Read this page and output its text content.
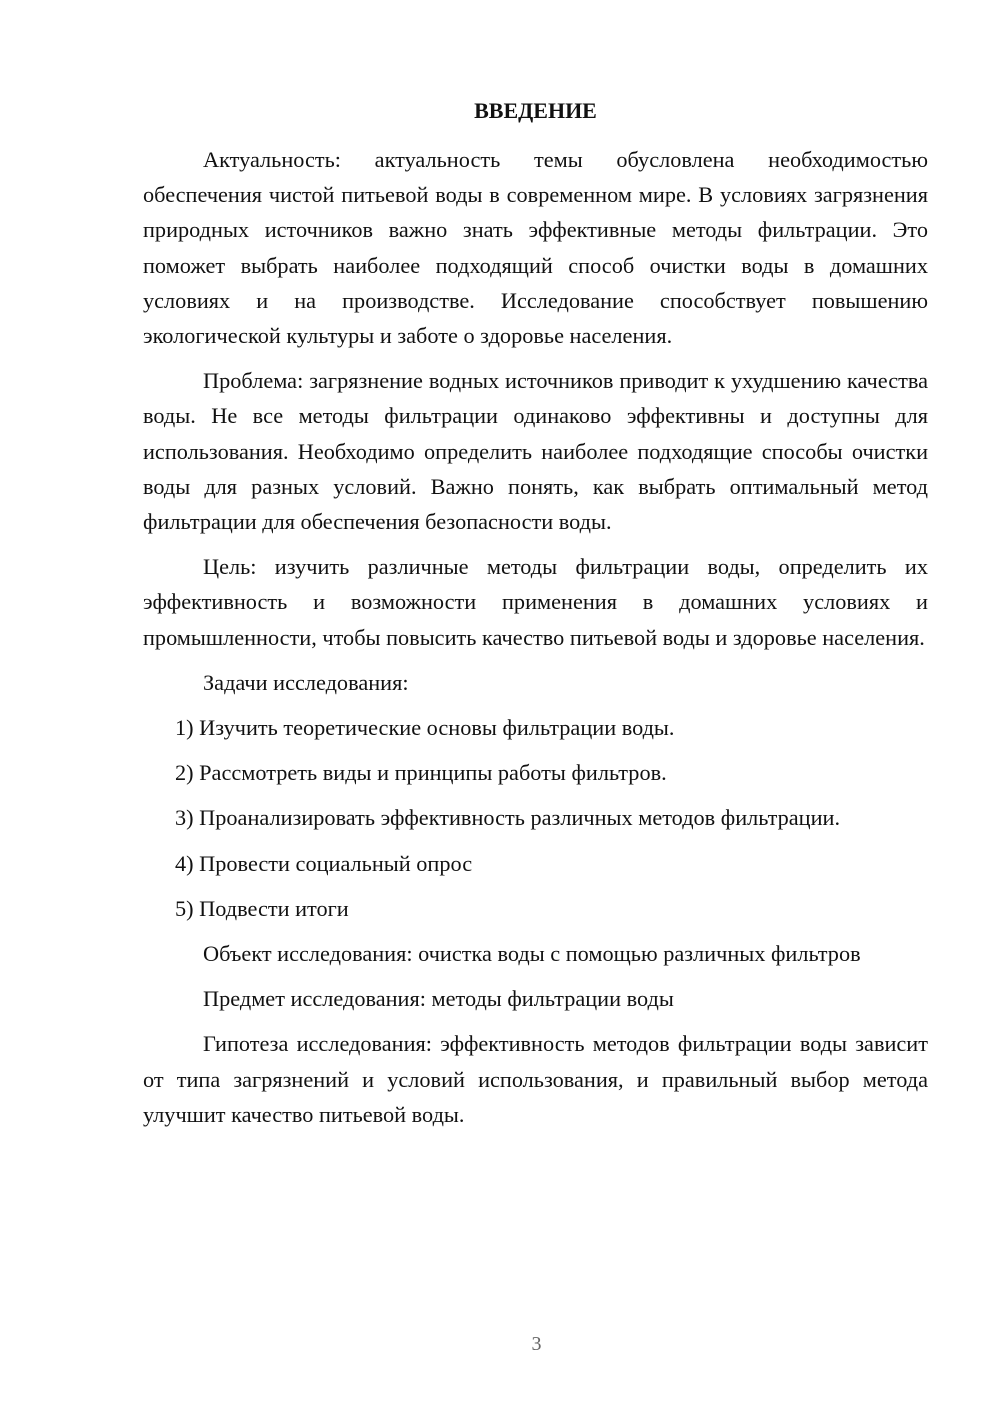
ВВЕДЕНИЕ

Актуальность: актуальность темы обусловлена необходимостью обеспечения чистой питьевой воды в современном мире. В условиях загрязнения природных источников важно знать эффективные методы фильтрации. Это поможет выбрать наиболее подходящий способ очистки воды в домашних условиях и на производстве. Исследование способствует повышению экологической культуры и заботе о здоровье населения.

Проблема: загрязнение водных источников приводит к ухудшению качества воды. Не все методы фильтрации одинаково эффективны и доступны для использования. Необходимо определить наиболее подходящие способы очистки воды для разных условий. Важно понять, как выбрать оптимальный метод фильтрации для обеспечения безопасности воды.

Цель: изучить различные методы фильтрации воды, определить их эффективность и возможности применения в домашних условиях и промышленности, чтобы повысить качество питьевой воды и здоровье населения.

Задачи исследования:

1) Изучить теоретические основы фильтрации воды.
2) Рассмотреть виды и принципы работы фильтров.
3) Проанализировать эффективность различных методов фильтрации.
4) Провести социальный опрос
5) Подвести итоги

Объект исследования: очистка воды с помощью различных фильтров

Предмет исследования: методы фильтрации воды

Гипотеза исследования: эффективность методов фильтрации воды зависит от типа загрязнений и условий использования, и правильный выбор метода улучшит качество питьевой воды.

3
